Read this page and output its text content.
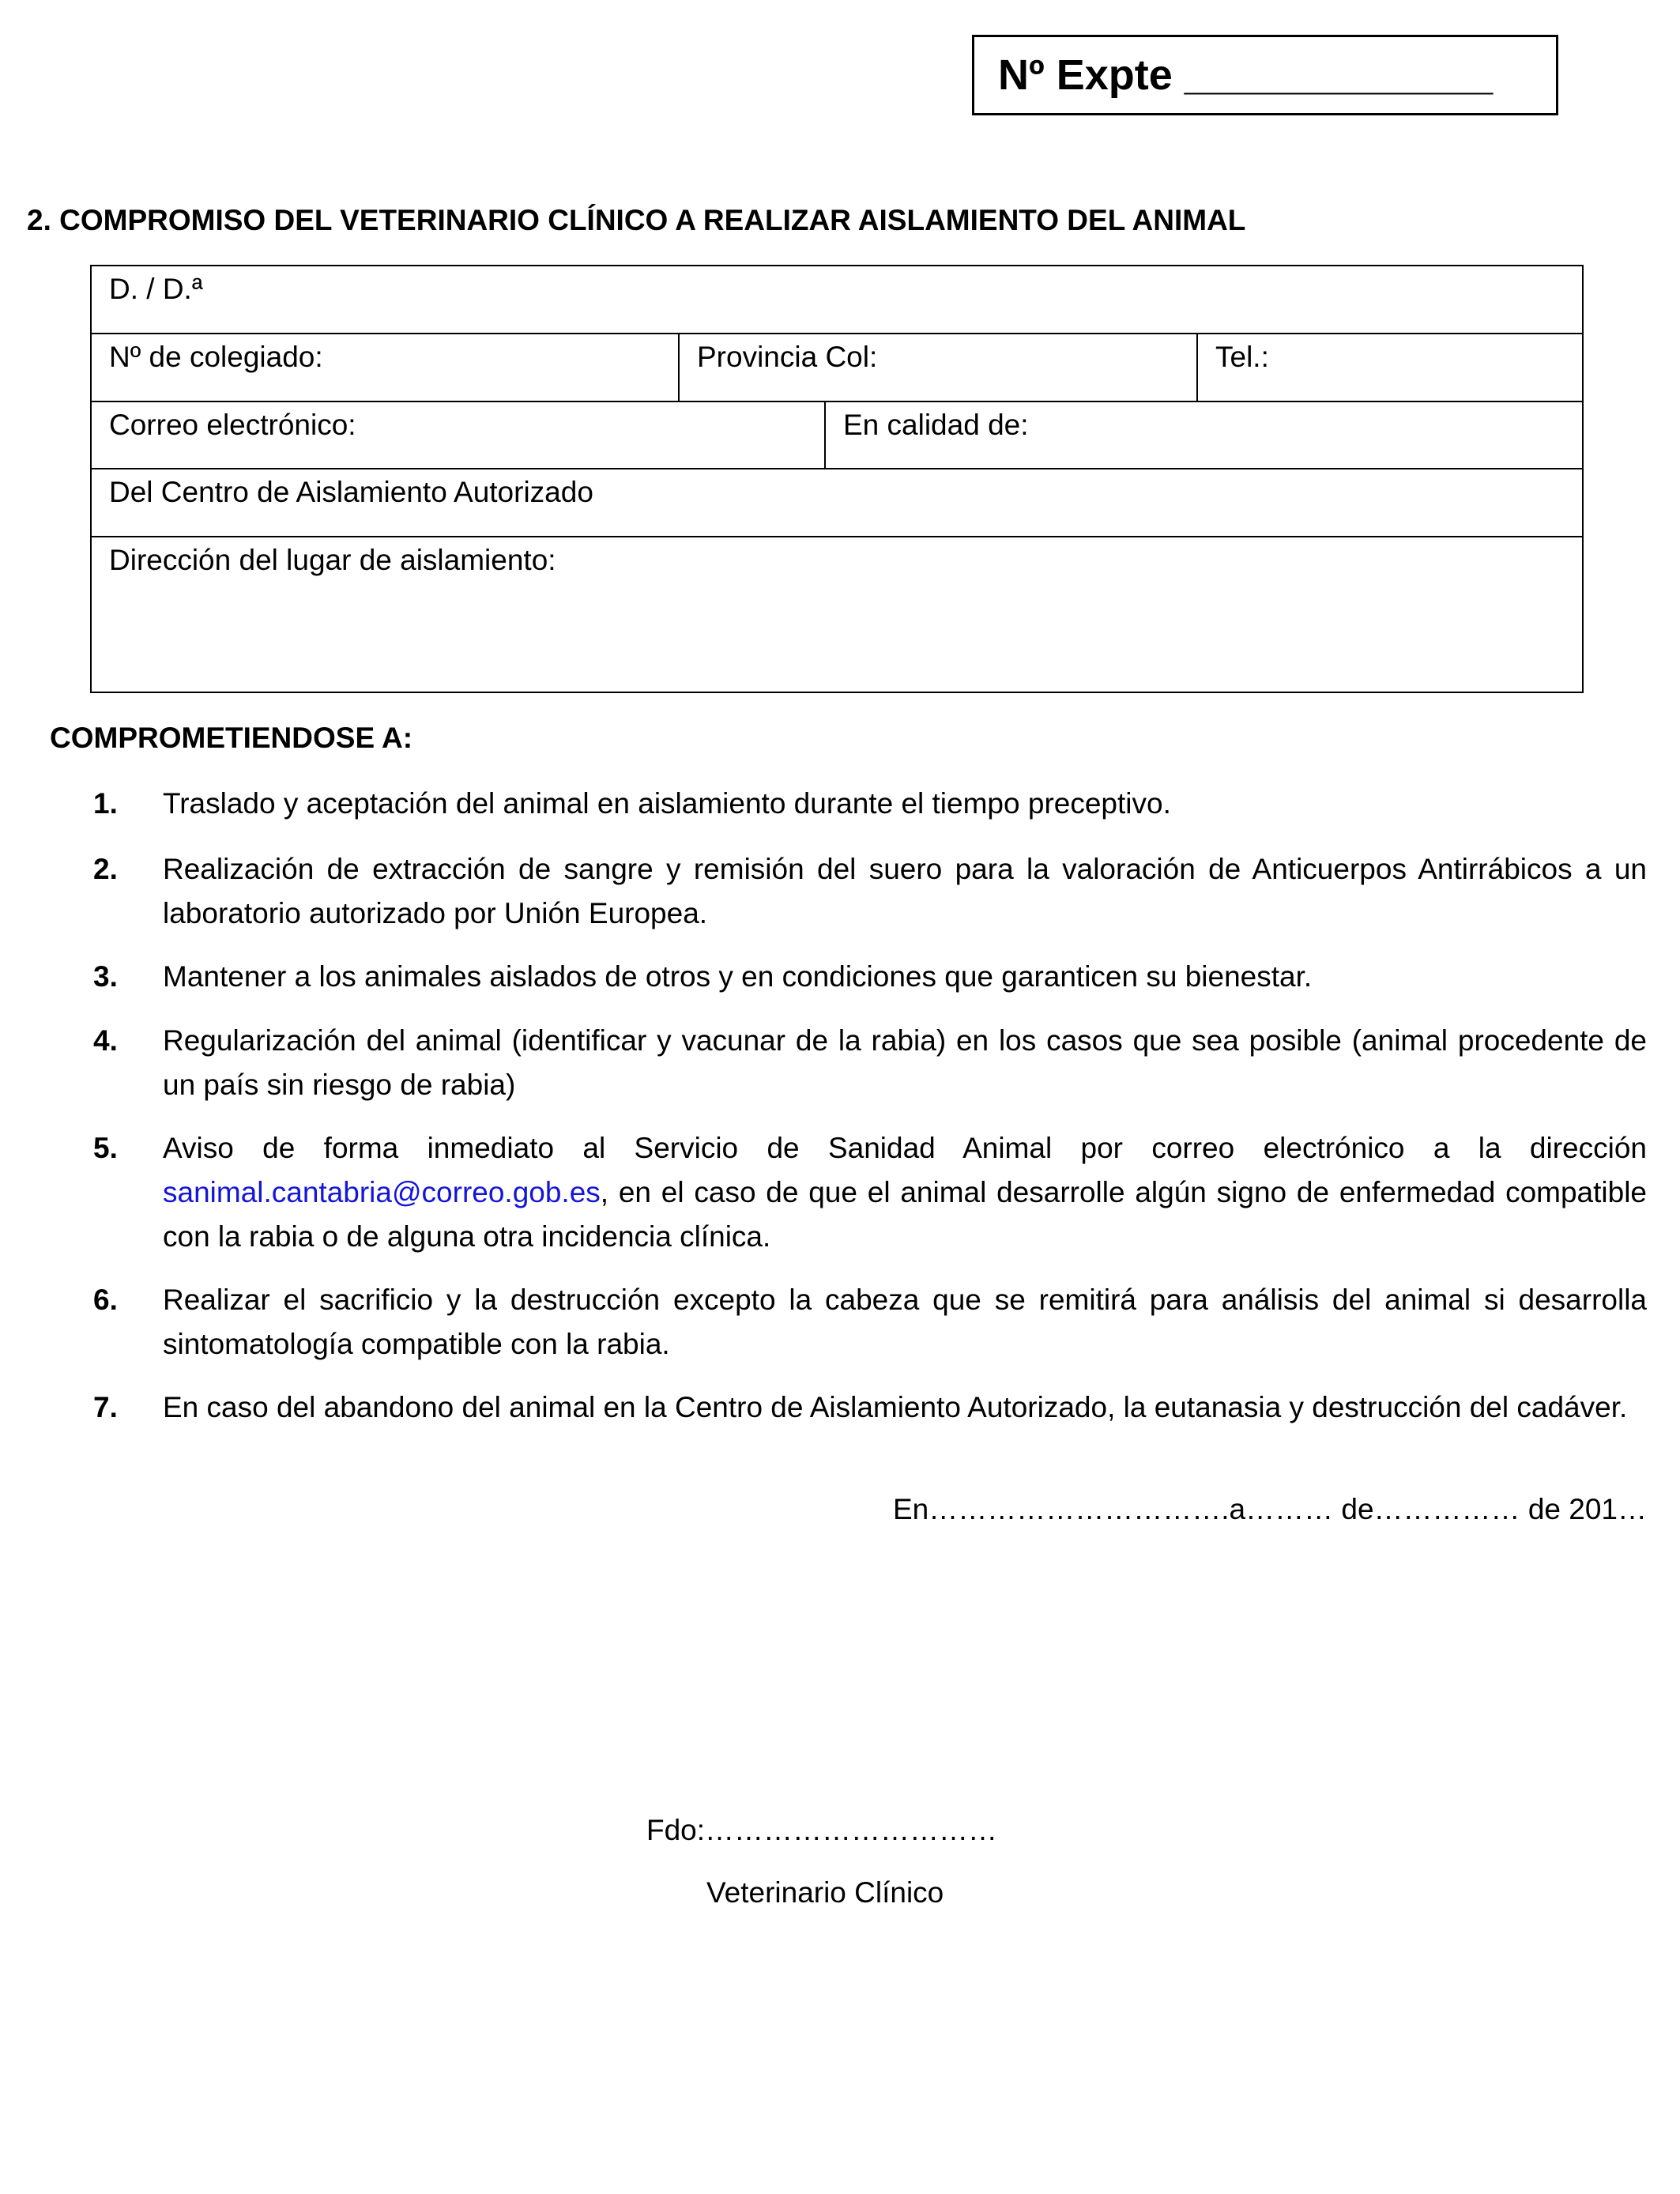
Nº Expte _____________
2. COMPROMISO DEL VETERINARIO CLÍNICO A REALIZAR AISLAMIENTO DEL ANIMAL
D. / D.ª
Nº de colegiado:	Provincia Col:	Tel.:
Correo electrónico:	En calidad de:
Del Centro de Aislamiento Autorizado
Dirección del lugar de aislamiento:
COMPROMETIENDOSE A:
1. Traslado y aceptación del animal en aislamiento durante el tiempo preceptivo.
2. Realización de extracción de sangre y remisión del suero para la valoración de Anticuerpos Antirrábicos a un laboratorio autorizado por Unión Europea.
3. Mantener a los animales aislados de otros y en condiciones que garanticen su bienestar.
4. Regularización del animal (identificar y vacunar de la rabia) en los casos que sea posible (animal procedente de un país sin riesgo de rabia)
5. Aviso de forma inmediato al Servicio de Sanidad Animal por correo electrónico a la dirección sanimal.cantabria@correo.gob.es, en el caso de que el animal desarrolle algún signo de enfermedad compatible con la rabia o de alguna otra incidencia clínica.
6. Realizar el sacrificio y la destrucción excepto la cabeza que se remitirá para análisis del animal si desarrolla sintomatología compatible con la rabia.
7. En caso del abandono del animal en la Centro de Aislamiento Autorizado, la eutanasia y destrucción del cadáver.
En………………………….a……… de…………… de 201…
Fdo:…………………………
Veterinario Clínico
